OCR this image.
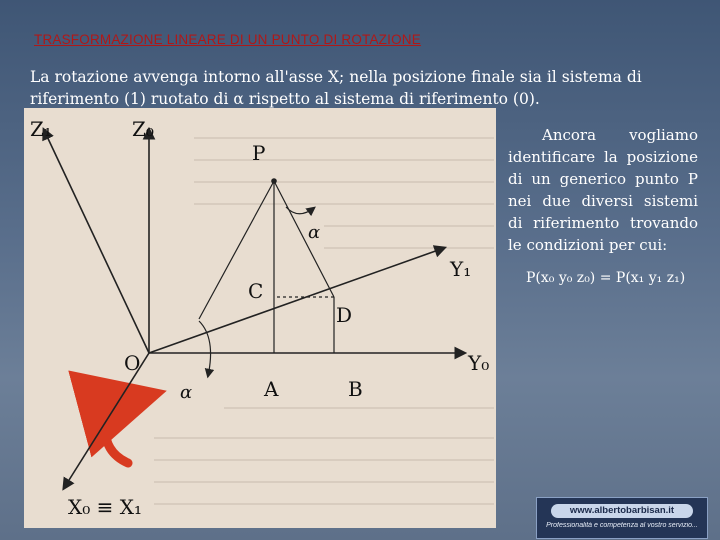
TRASFORMAZIONE LINEARE DI UN PUNTO DI ROTAZIONE
La rotazione avvenga intorno all'asse X; nella posizione finale sia il sistema di riferimento (1) ruotato di α rispetto al sistema di riferimento (0).
Z₁	Z₀
P
α
C
D
Y₁
O	Y₀
α	A	B
X₀ ≡ X₁
Ancora vogliamo identificare la posizione di un generico punto P nei due diversi sistemi di riferimento trovando le condizioni per cui:
P(x₀ y₀ z₀) = P(x₁ y₁ z₁)
www.albertobarbisan.it
Professionalità e competenza al vostro servizio...
